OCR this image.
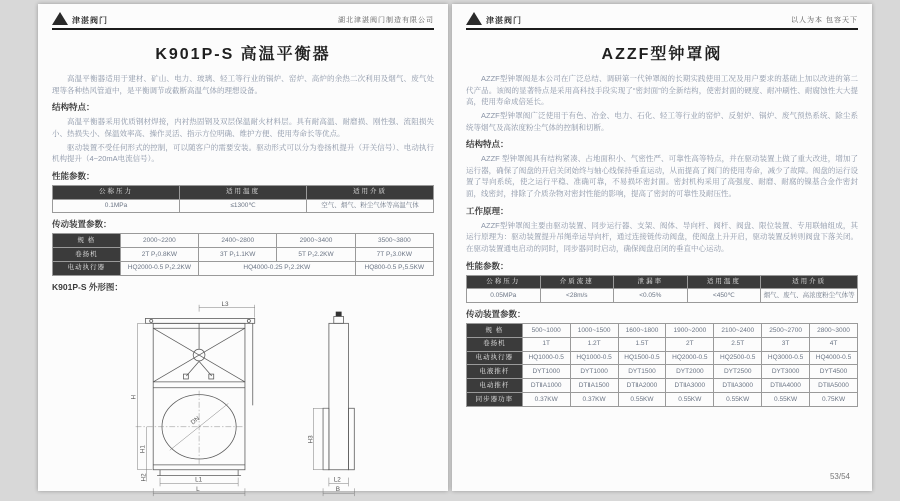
津湛阀门	湖北津湛阀门制造有限公司
K901P-S 高温平衡器

高温平衡器适用于建材、矿山、电力、玻璃、轻工等行业的锅炉、窑炉、高炉的余热二次利用及烟气、废气处理等各种热风管道中，是平衡调节或截断高温气体的理想设备。

结构特点：

高温平衡器采用优质钢材焊接，内衬热固钢及双层保温耐火材料层。具有耐高温、耐磨损、刚性强、流阻损失小、热损失小、保温效率高、操作灵活、指示方位明确、维护方便、使用寿命长等优点。

驱动装置不受任何形式的控制，可以随客户的需要安装。驱动形式可以分为卷扬机提升（开关信号）、电动执行机构提升（4~20mA电流信号）。

性能参数：
公称压力	适用温度	适用介质
0.1MPa	≤1300℃	空气、烟气、粉尘气体等高温气体
传动装置参数：
规 格	2000~2200	2400~2800	2900~3400	3500~3800
卷扬机	2T P₁0.8KW	3T P₁1.1KW	5T P₁2.2KW	7T P₁3.0KW
电动执行器	HQ2000-0.5 P₁2.2KW	HQ4000-0.25 P₁2.2KW		HQ800-0.5 P₁5.5KW
K901P-S 外形图：
DN
L3
H
H1
H2	L1
L
H3
L2
B
津湛阀门	以人为本 包容天下
AZZF型钟罩阀

AZZF型钟罩阀是本公司在广泛总结、调研第一代钟罩阀的长期实践使用工况及用户要求的基础上加以改进的第二代产品。该阀的显著特点是采用高科技手段实现了“密封面”的全新结构，使密封面的硬度、耐冲刷性、耐腐蚀性大大提高，使用寿命成倍延长。

AZZF型钟罩阀广泛使用于有色、冶金、电力、石化、轻工等行业的窑炉、反射炉、锅炉、废气预热系统、除尘系统等烟气及高浓度粉尘气体的控制和切断。

结构特点：

AZZF 型钟罩阀具有结构紧凑、占地面积小、气密性严、可靠性高等特点，并在驱动装置上做了重大改进，增加了运行器，确保了阀盘的开启关闭始终与轴心线保持垂直运动，从而提高了阀门的使用寿命，减少了故障。阀盘的运行设置了导向系统，使之运行平稳、准确可靠，不易损坏密封面。密封机构采用了高强度、耐磨、耐腐的镍基合金作密封面，线密封，排除了介质杂物对密封性能的影响，提高了密封的可靠性及耐压性。

工作原理：

AZZF型钟罩阀主要由驱动装置、同步运行器、支架、阀体、导向杆、阀杆、阀盘、限位装置、专用联轴组成，其运行原理为：驱动装置提升吊绳牵运导向杆，通过连接链传动阀盘，使阀盘上升开启，驱动装置反转则阀盘下落关闭。在驱动装置通电启动的同时，同步器同时启动，确保阀盘启闭的垂直中心运动。

性能参数：
公称压力	介质流速	泄漏率	适用温度	适用介质
0.05MPa	<28m/s	<0.05%	<450℃	烟气、废气、高浓度粉尘气体等
传动装置参数：
规 格	500~1000	1000~1500	1600~1800	1900~2000	2100~2400	2500~2700	2800~3000
卷扬机	1T	1.2T	1.5T	2T	2.5T	3T	4T
电动执行器	HQ1000-0.5	HQ1000-0.5	HQ1500-0.5	HQ2000-0.5	HQ2500-0.5	HQ3000-0.5	HQ4000-0.5
电液推杆	DYT1000	DYT1000	DYT1500	DYT2000	DYT2500	DYT3000	DYT4500
电动推杆	DTⅡA1000	DTⅡA1500	DTⅡA2000	DTⅡA3000	DTⅡA3000	DTⅡA4000	DTⅡA5000
同步器功率	0.37KW	0.37KW	0.55KW	0.55KW	0.55KW	0.55KW	0.75KW
53/54
